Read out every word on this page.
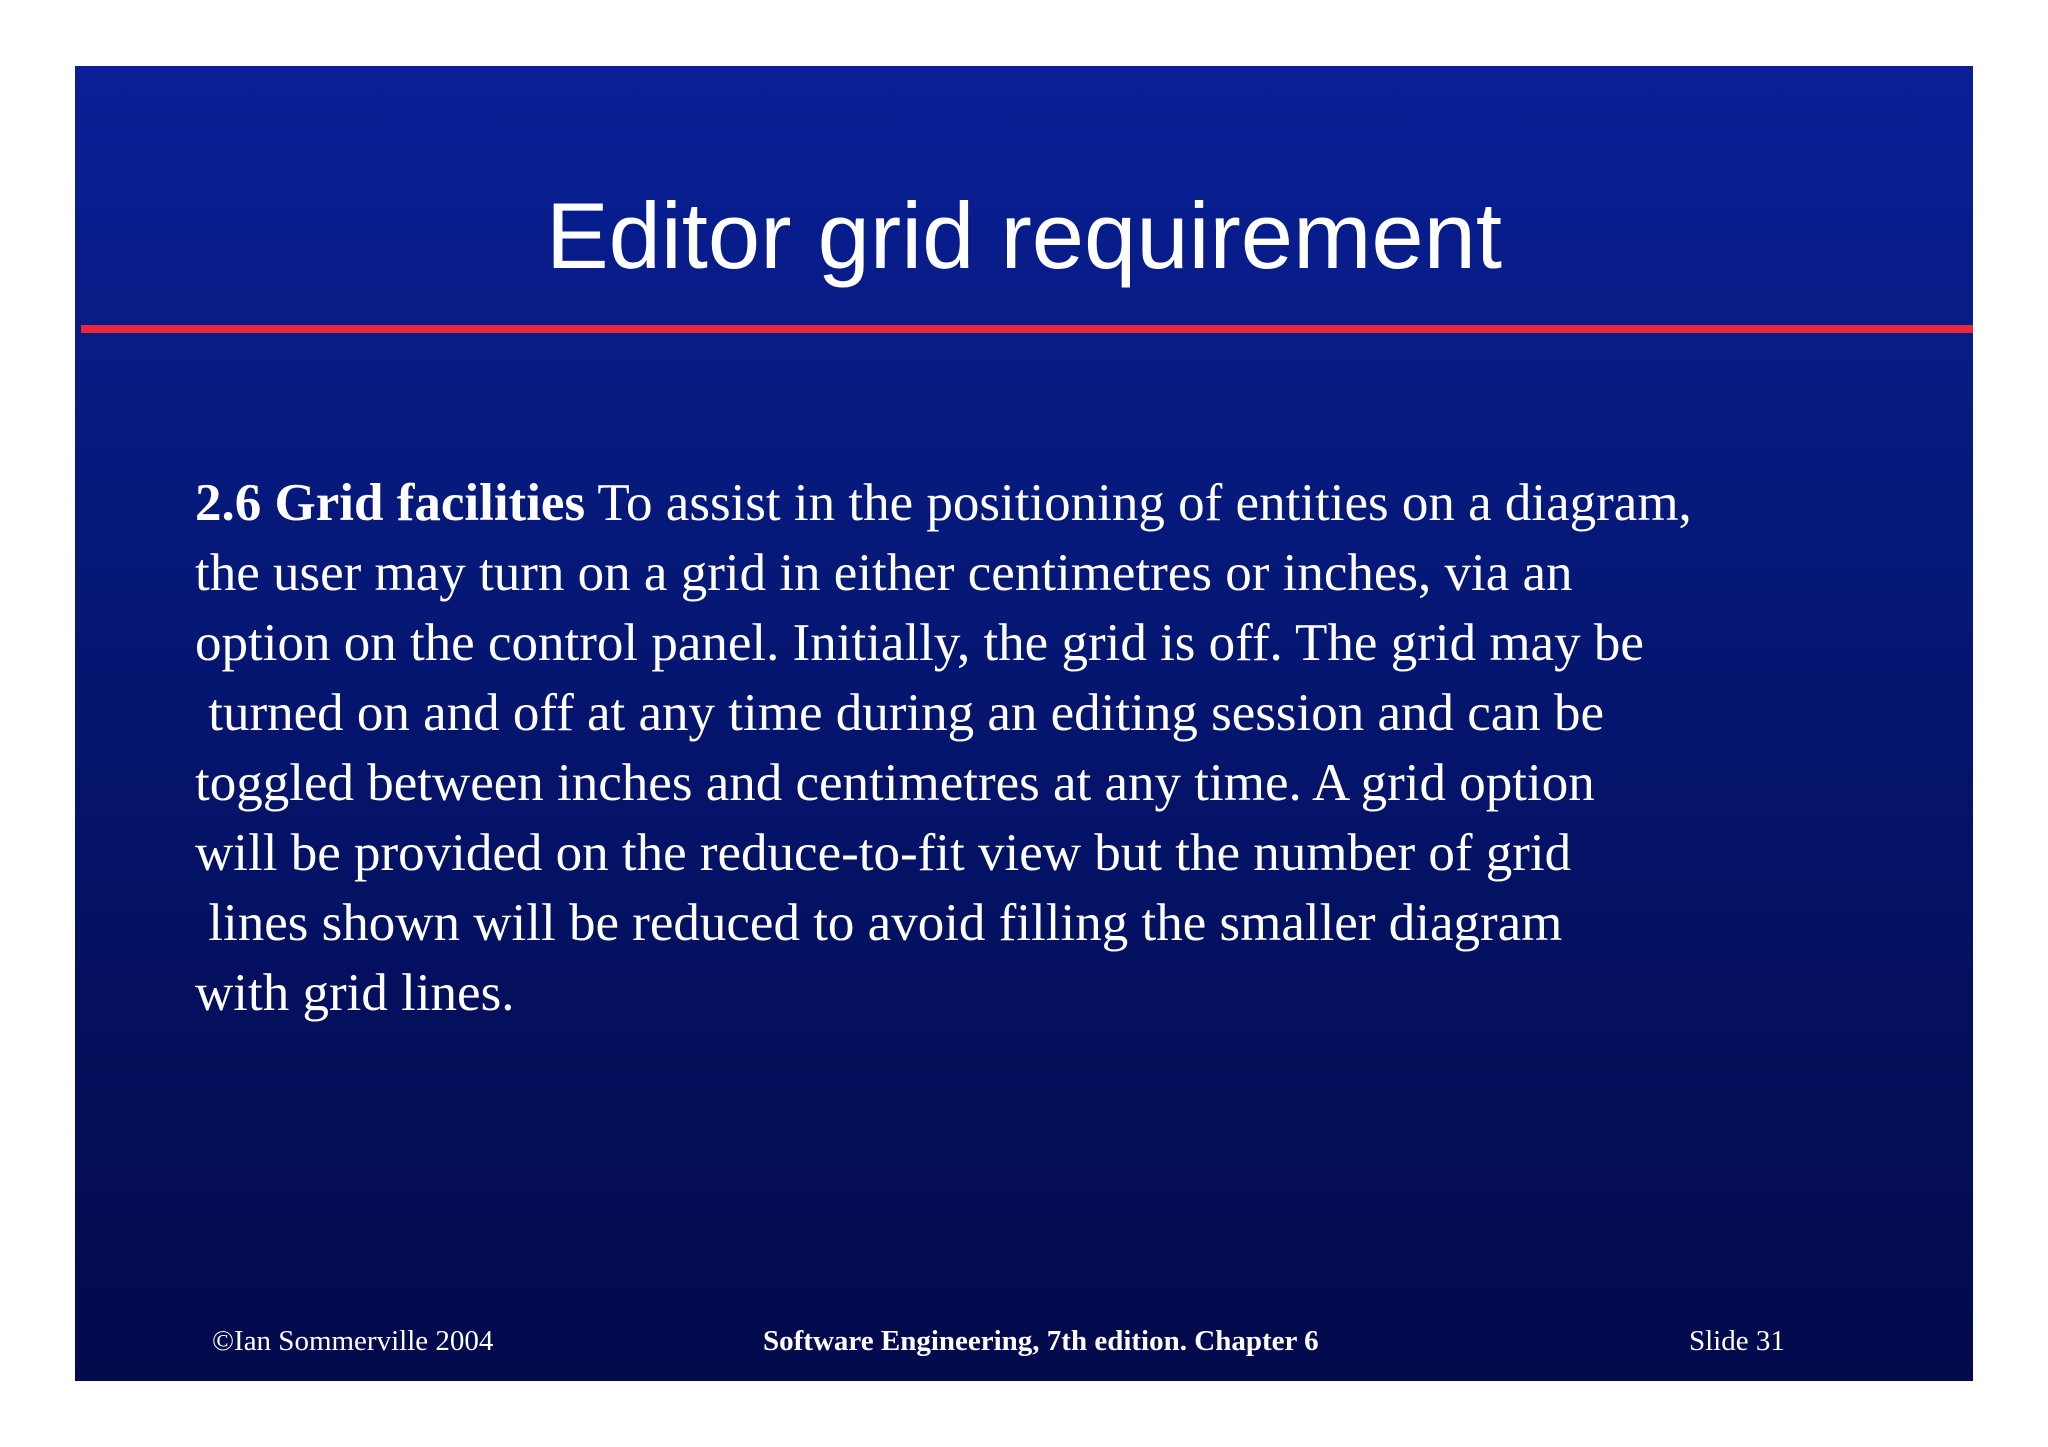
Editor grid requirement
2.6 Grid facilities To assist in the positioning of entities on a diagram,
the user may turn on a grid in either centimetres or inches, via an
option on the control panel. Initially, the grid is off. The grid may be
turned on and off at any time during an editing session and can be
toggled between inches and centimetres at any time. A grid option
will be provided on the reduce-to-fit view but the number of grid
lines shown will be reduced to avoid filling the smaller diagram
with grid lines.
©Ian Sommerville 2004	Software Engineering, 7th edition. Chapter 6	Slide 31
